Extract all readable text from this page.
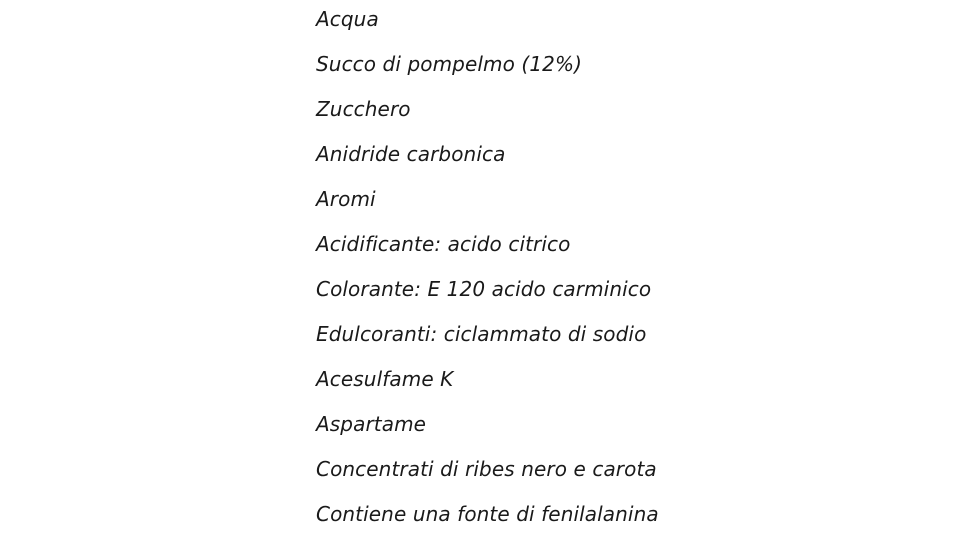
Acqua
Succo di pompelmo (12%)
Zucchero
Anidride carbonica
Aromi
Acidificante: acido citrico
Colorante: E 120 acido carminico
Edulcoranti: ciclammato di sodio
Acesulfame K
Aspartame
Concentrati di ribes nero e carota
Contiene una fonte di fenilalanina
